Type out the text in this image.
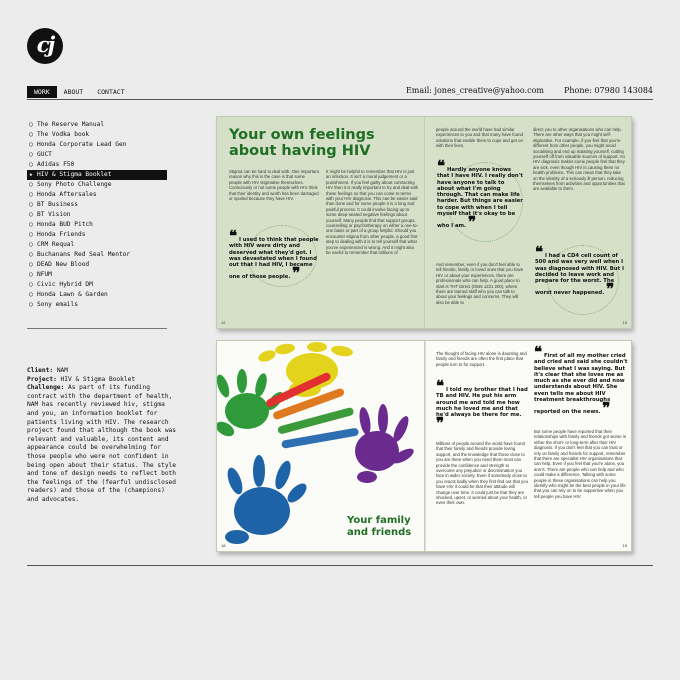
cj
WORK	ABOUT	CONTACT	Email: jones_creative@yahoo.com	Phone: 07980 143084
○ The Reserve Manual
○ The Vodka book
○ Honda Corporate Lead Gen
○ GUCT
○ Adidas F50
★ HIV & Stigma Booklet
○ Sony Photo Challenge
○ Honda Aftersales
○ BT Business
○ BT Vision
○ Honda BUD Pitch
○ Honda Friends
○ CRM Requal
○ Buchanans Red Seal Mentor
○ DEAD New Blood
○ NFUM
○ Civic Hybrid DM
○ Honda Lawn & Garden
○ Sony emails
Client: NAM
Project: HIV & Stigma Booklet
Challenge: As part of its funding contract with the department of health, NAM has recently reviewed hiv, stigma and you, an information booklet for patients living with HIV. The research project found that although the book was relevant and valuable, its content and appearance could be overwhelming for those people who were not confident in being open about their status. The style and tone of design needs to reflect both the feelings of the (fearful undisclosed readers) and those of the (champions) and advocates.
Your own feelings about having HIV
Stigma can be hard to deal with. One important reason why this is the case is that some people with HIV stigmatise themselves. Consciously or not some people with HIV think that their identity and worth has been damaged or spoiled because they have HIV.
❝ I used to think that people with HIV were dirty and deserved what they'd got. I was devastated when I found out that I had HIV, I became one of those people. ❞
It might be helpful to remember that HIV is just an infection. It isn't a moral judgement or a punishment. If you feel guilty about contracting HIV then it is really important to try and deal with these feelings so that you can come to terms with your HIV diagnosis. This can be easier said than done and for some people it is a long and painful process. It could involve facing up to some deep-seated negative feelings about yourself. Many people find that support groups, counselling or psychotherapy on either a one-to-one basis or part of a group helpful. Should you encounter stigma from other people, a good first step to dealing with it is to tell yourself that what you've experienced is wrong. And it might also be useful to remember that millions of
people around the world have had similar experiences to you and that many have found solutions that enable them to cope and get on with their lives.
❝ Hardly anyone knows that I have HIV. I really don't have anyone to talk to about what I'm going through. That can make life harder. But things are easier to cope with when I tell myself that it's okay to be who I am. ❞
And remember, even if you don't feel able to tell friends, family or loved ones that you have HIV or about your experiences, there are professionals who can help. A good place to start is THT Direct (0845 1221 200), where there are trained staff who you can talk to about your feelings and concerns. They will also be able to
direct you to other organisations who can help. There are other ways that you might self-stigmatise. For example, if you feel that you're different from other people, you might avoid socialising and end up isolating yourself, cutting yourself off from valuable sources of support. An HIV diagnosis makes some people feel that they are sick, even though HIV is causing them no health problems. This can mean that they take on the identity of a seriously ill person, reducing themselves from activities and opportunities that are available to them.
❝ I had a CD4 cell count of 500 and was very well when I was diagnosed with HIV. But I decided to leave work and prepare for the worst. The worst never happened. ❞
12	13
Your family and friends
The thought of facing HIV alone is daunting and family and friends are often the first place that people turn to for support.
❝ I told my brother that I had TB and HIV. He put his arm around me and told me how much he loved me and that he'd always be there for me. ❞
Millions of people around the world have found that their family and friends provide loving support, and the knowledge that those close to you are there when you need them most can provide the confidence and strength to overcome any prejudice or discrimination you face in wider society. Even if somebody close to you reacts badly when they first find out that you have HIV it could be that their attitude will change over time. It could just be that they are shocked, upset, or worried about your health, or even their own.
❝ First of all my mother cried and cried and said she couldn't believe what I was saying. But it's clear that she loves me as much as she ever did and now understands about HIV. She even tells me about HIV treatment breakthroughs reported on the news. ❞
But some people have reported that their relationships with family and friends got worse in either the short- or long-term after their HIV diagnosis. If you don't feel that you can trust or rely on family and friends for support, remember that there are specialist HIV organisations that can help. Even if you feel that you're alone, you aren't. There are people who can help and who could make a difference. Talking with some people in these organisations can help you identify who might be the best people in your life that you can rely on to be supportive when you tell people you have HIV.
18	19
